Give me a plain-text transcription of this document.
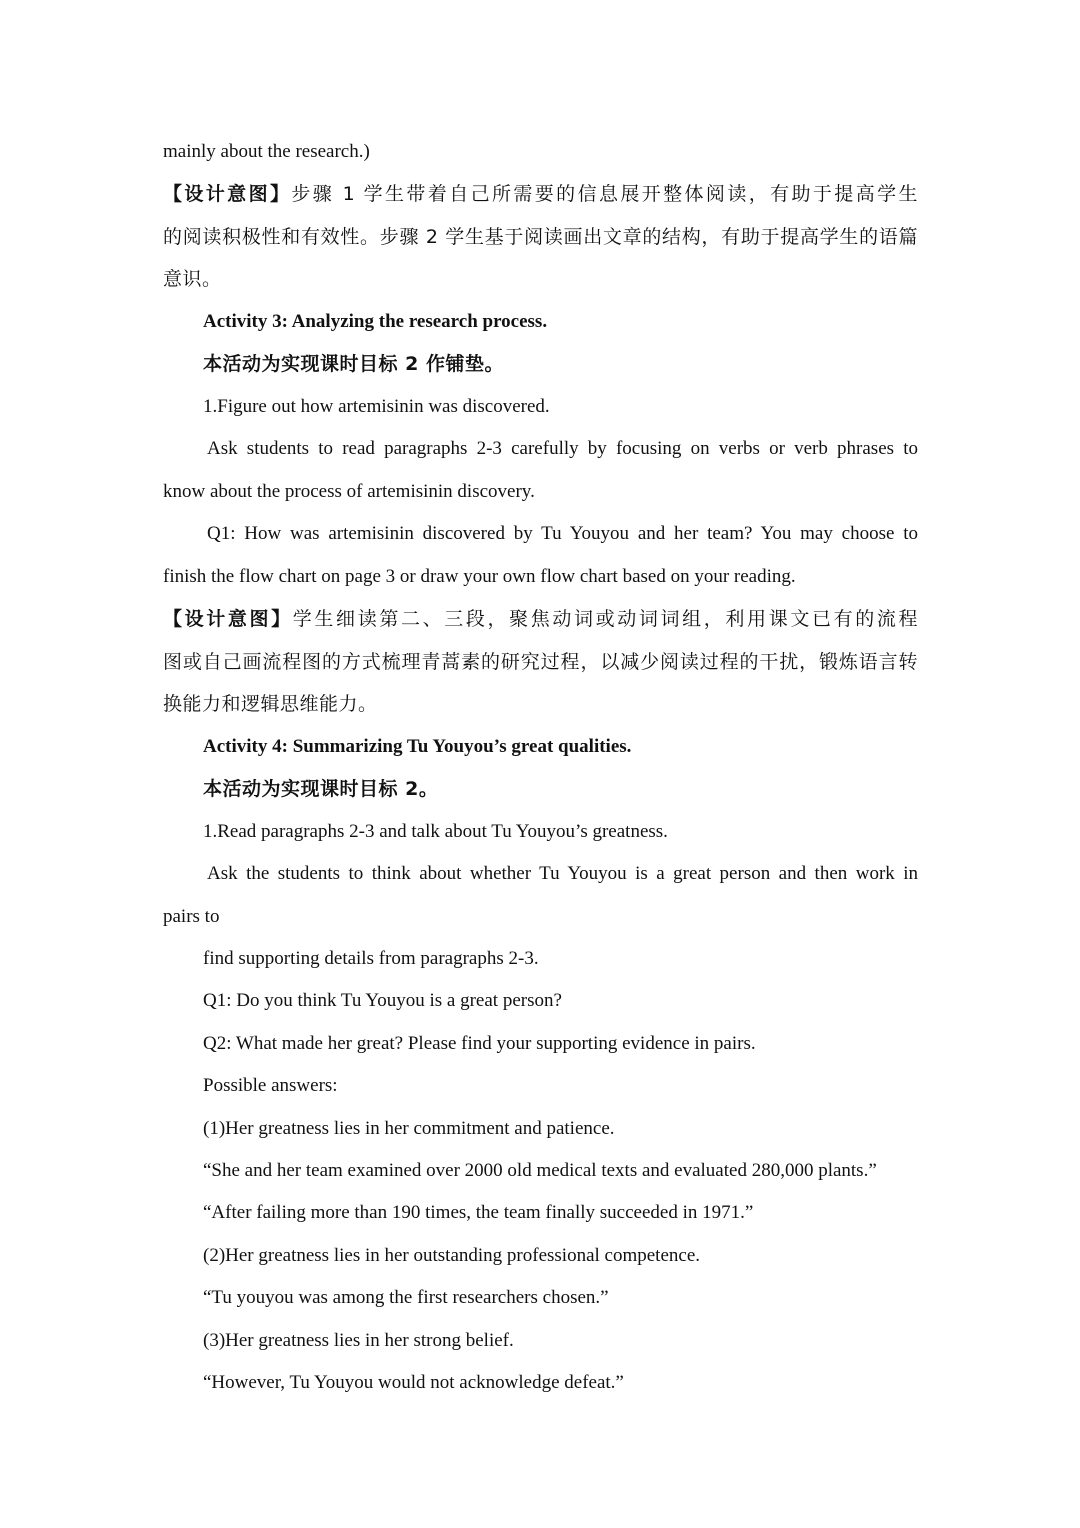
mainly about the research.)
【设计意图】步骤 1 学生带着自己所需要的信息展开整体阅读，有助于提高学生
的阅读积极性和有效性。步骤 2 学生基于阅读画出文章的结构，有助于提高学生的语篇
意识。
Activity 3: Analyzing the research process.
本活动为实现课时目标 2 作铺垫。
1.Figure out how artemisinin was discovered.
Ask students to read paragraphs 2-3 carefully by focusing on verbs or verb phrases to
know about the process of artemisinin discovery.
Q1: How was artemisinin discovered by Tu Youyou and her team? You may choose to
finish the flow chart on page 3 or draw your own flow chart based on your reading.
【设计意图】学生细读第二、三段，聚焦动词或动词词组，利用课文已有的流程
图或自己画流程图的方式梳理青蒿素的研究过程，以减少阅读过程的干扰，锻炼语言转
换能力和逻辑思维能力。
Activity 4: Summarizing Tu Youyou’s great qualities.
本活动为实现课时目标 2。
1.Read paragraphs 2-3 and talk about Tu Youyou’s greatness.
Ask the students to think about whether Tu Youyou is a great person and then work in
pairs to
find supporting details from paragraphs 2-3.
Q1: Do you think Tu Youyou is a great person?
Q2: What made her great? Please find your supporting evidence in pairs.
Possible answers:
(1)Her greatness lies in her commitment and patience.
“She and her team examined over 2000 old medical texts and evaluated 280,000 plants.”
“After failing more than 190 times, the team finally succeeded in 1971.”
(2)Her greatness lies in her outstanding professional competence.
“Tu youyou was among the first researchers chosen.”
(3)Her greatness lies in her strong belief.
“However, Tu Youyou would not acknowledge defeat.”
